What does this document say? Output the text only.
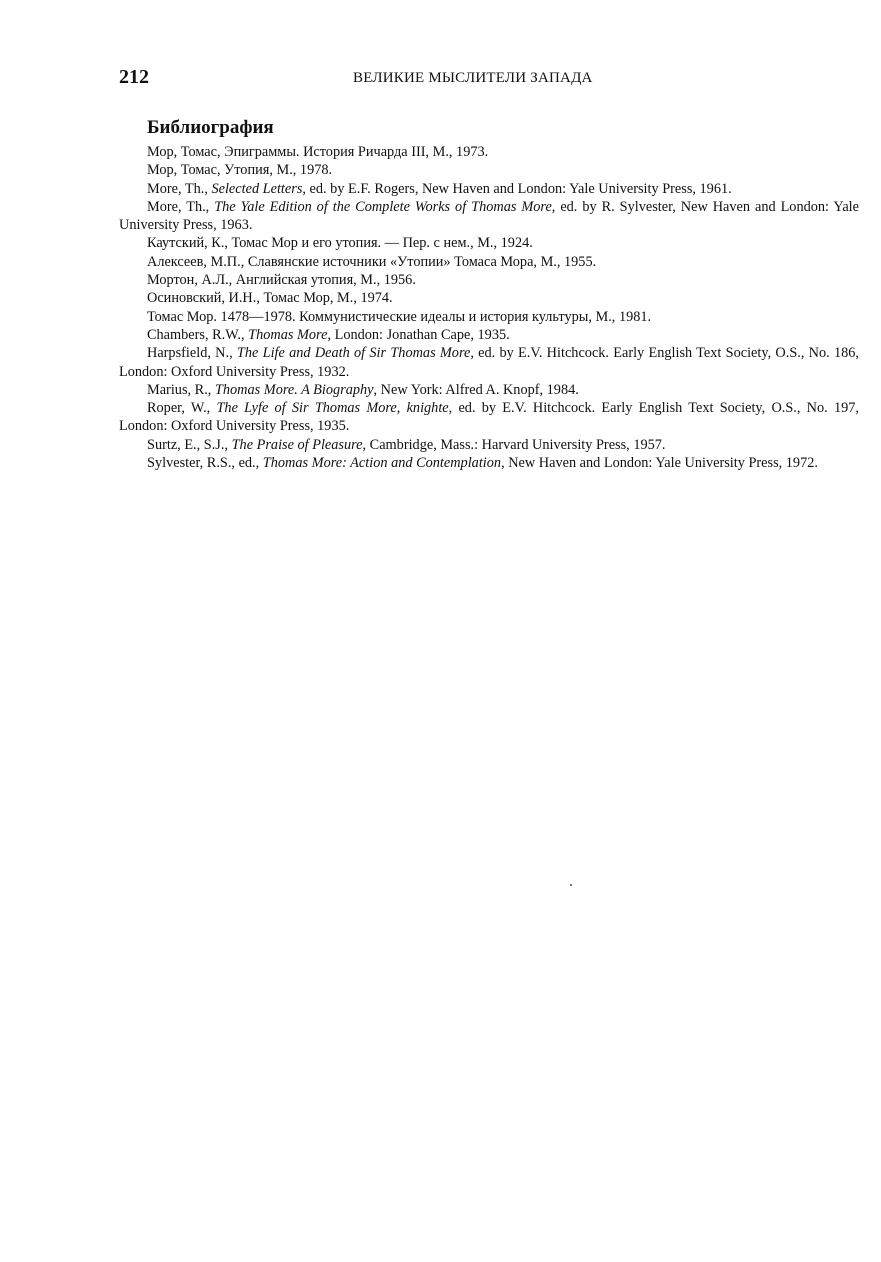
212	ВЕЛИКИЕ МЫСЛИТЕЛИ ЗАПАДА
Библиография
Мор, Томас, Эпиграммы. История Ричарда III, М., 1973.
Мор, Томас, Утопия, М., 1978.
More, Th., Selected Letters, ed. by E.F. Rogers, New Haven and London: Yale University Press, 1961.
More, Th., The Yale Edition of the Complete Works of Thomas More, ed. by R. Sylvester, New Haven and London: Yale University Press, 1963.
Каутский, К., Томас Мор и его утопия. — Пер. с нем., М., 1924.
Алексеев, М.П., Славянские источники «Утопии» Томаса Мора, М., 1955.
Мортон, А.Л., Английская утопия, М., 1956.
Осиновский, И.Н., Томас Мор, М., 1974.
Томас Мор. 1478—1978. Коммунистические идеалы и история культуры, М., 1981.
Chambers, R.W., Thomas More, London: Jonathan Cape, 1935.
Harpsfield, N., The Life and Death of Sir Thomas More, ed. by E.V. Hitchcock. Early English Text Society, O.S., No. 186, London: Oxford University Press, 1932.
Marius, R., Thomas More. A Biography, New York: Alfred A. Knopf, 1984.
Roper, W., The Lyfe of Sir Thomas More, knighte, ed. by E.V. Hitchcock. Early English Text Society, O.S., No. 197, London: Oxford University Press, 1935.
Surtz, E., S.J., The Praise of Pleasure, Cambridge, Mass.: Harvard University Press, 1957.
Sylvester, R.S., ed., Thomas More: Action and Contemplation, New Haven and London: Yale University Press, 1972.
